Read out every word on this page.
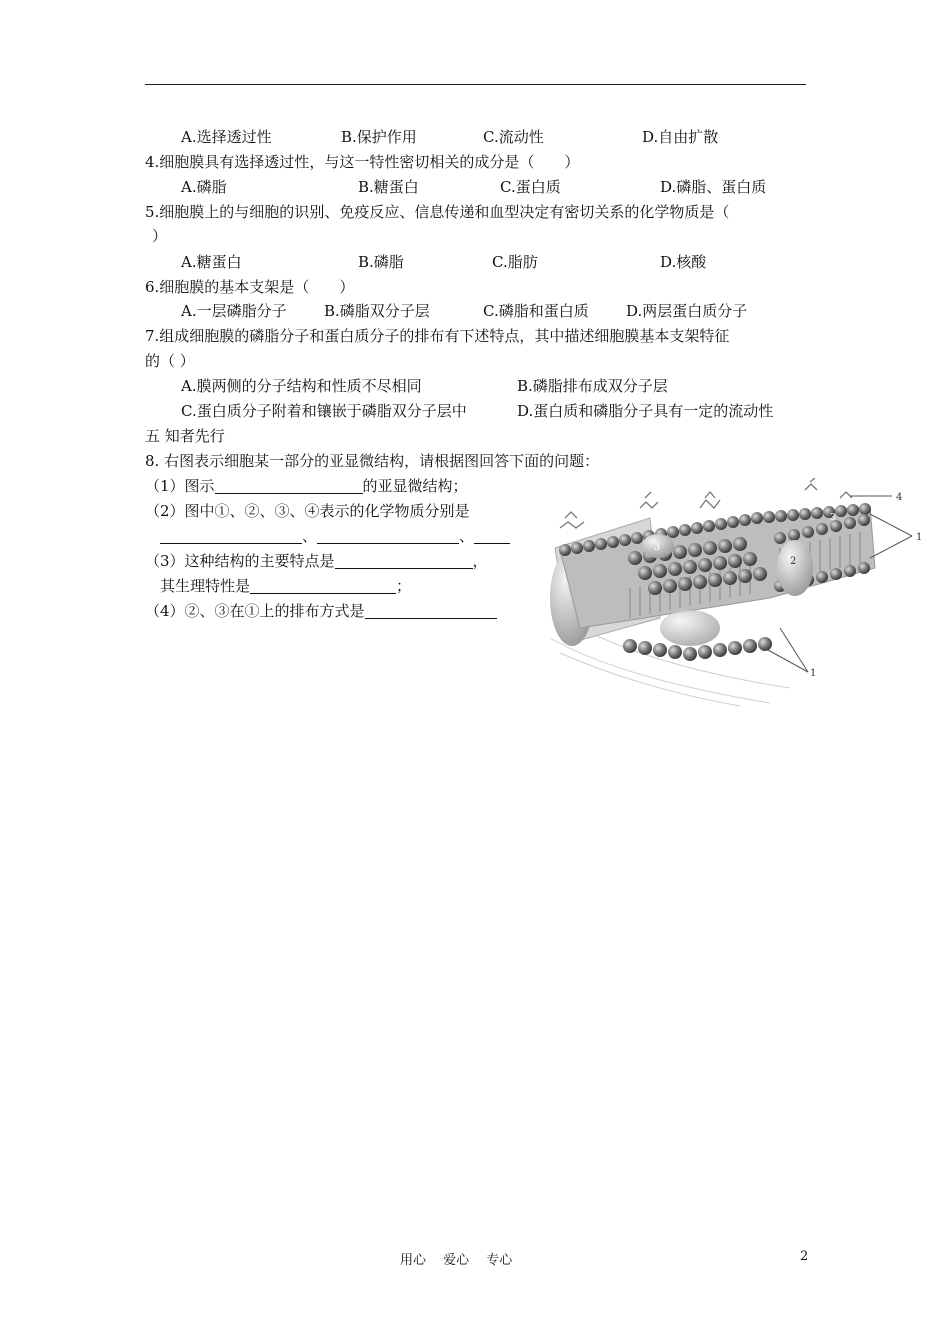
A.选择透过性	B.保护作用	C.流动性	D.自由扩散
4.细胞膜具有选择透过性，与这一特性密切相关的成分是（　　）
A.磷脂	B.糖蛋白	C.蛋白质	D.磷脂、蛋白质
5.细胞膜上的与细胞的识别、免疫反应、信息传递和血型决定有密切关系的化学物质是（
）
A.糖蛋白	B.磷脂	C.脂肪	D.核酸
6.细胞膜的基本支架是（　　）
A.一层磷脂分子 B.磷脂双分子层	C.磷脂和蛋白质 D.两层蛋白质分子
7.组成细胞膜的磷脂分子和蛋白质分子的排布有下述特点，其中描述细胞膜基本支架特征
的（ ）
A.膜两侧的分子结构和性质不尽相同	B.磷脂排布成双分子层
C.蛋白质分子附着和镶嵌于磷脂双分子层中	D.蛋白质和磷脂分子具有一定的流动性
五 知者先行
8. 右图表示细胞某一部分的亚显微结构，请根据图回答下面的问题：
（1）图示	的亚显微结构；
（2）图中①、②、③、④表示的化学物质分别是
、	、
（3）这种结构的主要特点是	，
其生理特性是	；
（4）②、③在①上的排布方式是
4
1
1
3
2
3
用心　 爱心　 专心	2
